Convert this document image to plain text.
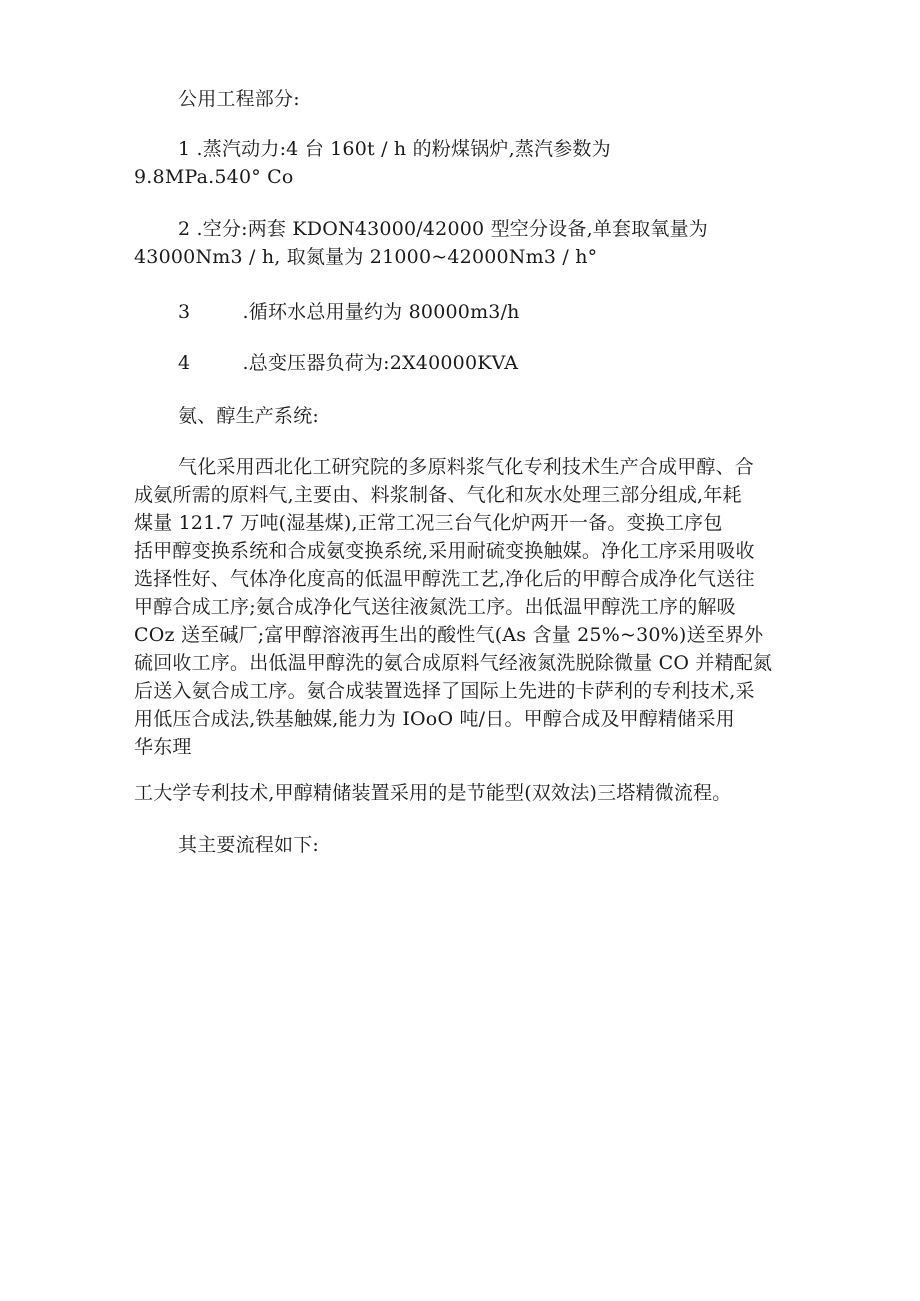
公用工程部分:
1 .蒸汽动力:4 台 160t / h 的粉煤锅炉,蒸汽参数为
9.8MPa.540° Co
2 .空分:两套 KDON43000/42000 型空分设备,单套取氧量为
43000Nm3 / h, 取氮量为 21000~42000Nm3 / h°
3	.循环水总用量约为 80000m3/h
4	.总变压器负荷为:2X40000KVA
氨、醇生产系统:
气化采用西北化工研究院的多原料浆气化专利技术生产合成甲醇、合
成氨所需的原料气,主要由、料浆制备、气化和灰水处理三部分组成,年耗
煤量 121.7 万吨(湿基煤),正常工况三台气化炉两开一备。变换工序包
括甲醇变换系统和合成氨变换系统,采用耐硫变换触媒。净化工序采用吸收
选择性好、气体净化度高的低温甲醇洗工艺,净化后的甲醇合成净化气送往
甲醇合成工序;氨合成净化气送往液氮洗工序。出低温甲醇洗工序的解吸
COz 送至碱厂;富甲醇溶液再生出的酸性气(As 含量 25%~30%)送至界外
硫回收工序。出低温甲醇洗的氨合成原料气经液氮洗脱除微量 CO 并精配氮
后送入氨合成工序。氨合成装置选择了国际上先进的卡萨利的专利技术,采
用低压合成法,铁基触媒,能力为 IOoO 吨/日。甲醇合成及甲醇精储采用
华东理
工大学专利技术,甲醇精储装置采用的是节能型(双效法)三塔精微流程。
其主要流程如下:
